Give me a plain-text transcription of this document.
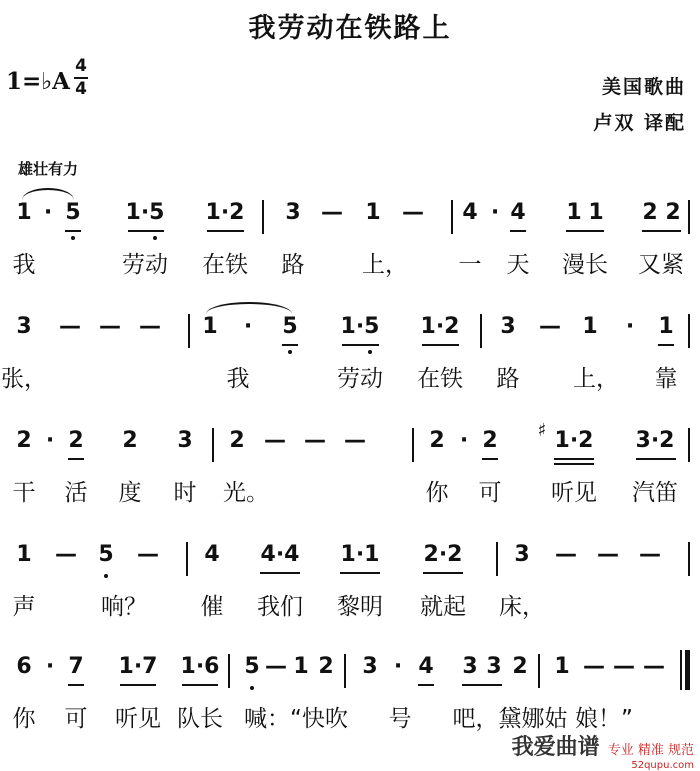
我劳动在铁路上
1=♭A
4
4	美国歌曲
卢双 译配
雄壮有力
1 · 5 1·5 1·2 3 — 1 — 4 · 4 1 1 2 2
我	劳动 在铁 路	上， 一 天 漫长 又紧
3 — — — 1 · 5 1·5 1·2 3 — 1 · 1
张，	我	劳动 在铁 路 上， 靠
2 · 2 2 3 2 — — —	2 · 2 ♯ 1·2 3·2
干 活 度 时 光。	你 可 听见 汽笛
1 — 5 — 4 4·4 1·1 2·2 3 — — —
声	响？ 催 我们 黎明 就起 床，
6 · 7 1·7 1·6 5 — 1 2 3 · 4 3 3 2 1 — — —
你 可 听见 队长 喊：“快吹 号 吧，黛娜姑 娘！”
我爱曲谱 专业 精准 规范
52qupu.com
